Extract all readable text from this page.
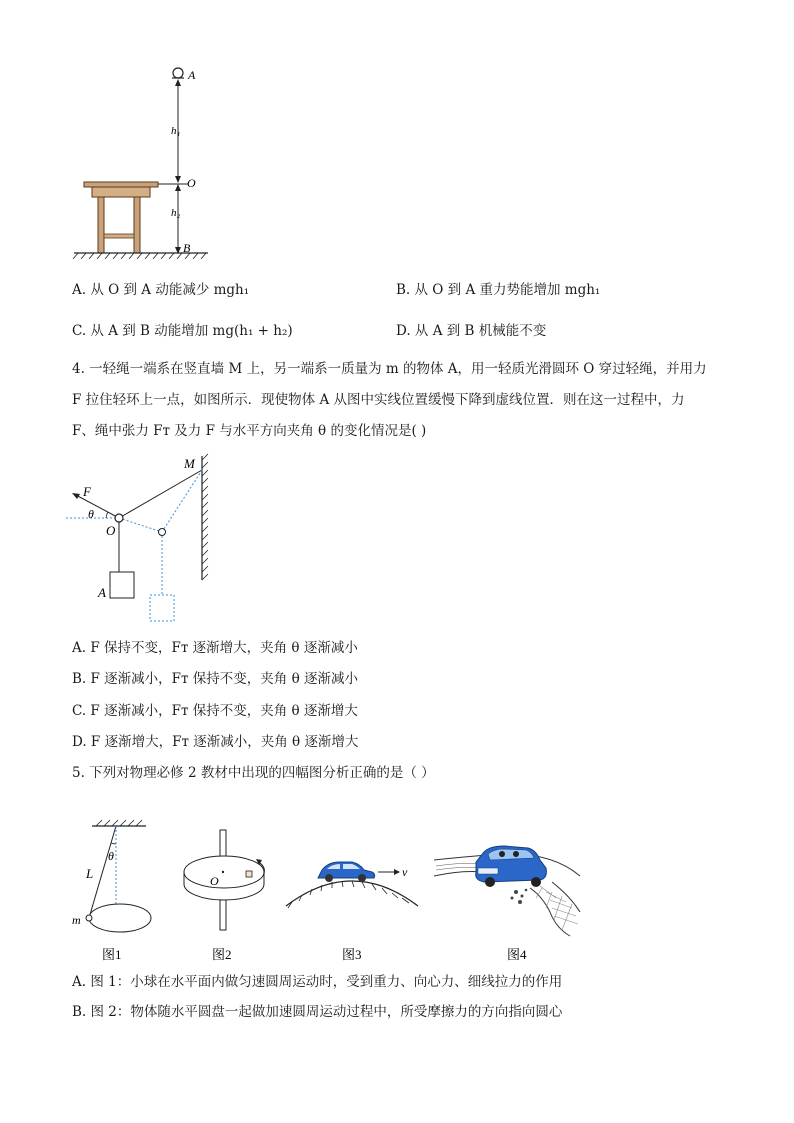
A
h₁
O
h₂
B
A. 从 O 到 A 动能减少 mgh₁	B. 从 O 到 A 重力势能增加 mgh₁
C. 从 A 到 B 动能增加 mg(h₁ + h₂)	D. 从 A 到 B 机械能不变
4. 一轻绳一端系在竖直墙 M 上，另一端系一质量为 m 的物体 A，用一轻质光滑圆环 O 穿过轻绳，并用力
F 拉住轻环上一点，如图所示．现使物体 A 从图中实线位置缓慢下降到虚线位置．则在这一过程中，力
F、绳中张力 Fᴛ 及力 F 与水平方向夹角 θ 的变化情况是( )
M
F
θ
O
A
A. F 保持不变，Fᴛ 逐渐增大，夹角 θ 逐渐减小
B. F 逐渐减小，Fᴛ 保持不变，夹角 θ 逐渐减小
C. F 逐渐减小，Fᴛ 保持不变，夹角 θ 逐渐增大
D. F 逐渐增大，Fᴛ 逐渐减小，夹角 θ 逐渐增大
5. 下列对物理必修 2 教材中出现的四幅图分析正确的是（ ）
L
θ
m
图1
O
图2
v
图3	图4
A. 图 1：小球在水平面内做匀速圆周运动时，受到重力、向心力、细线拉力的作用
B. 图 2：物体随水平圆盘一起做加速圆周运动过程中，所受摩擦力的方向指向圆心
